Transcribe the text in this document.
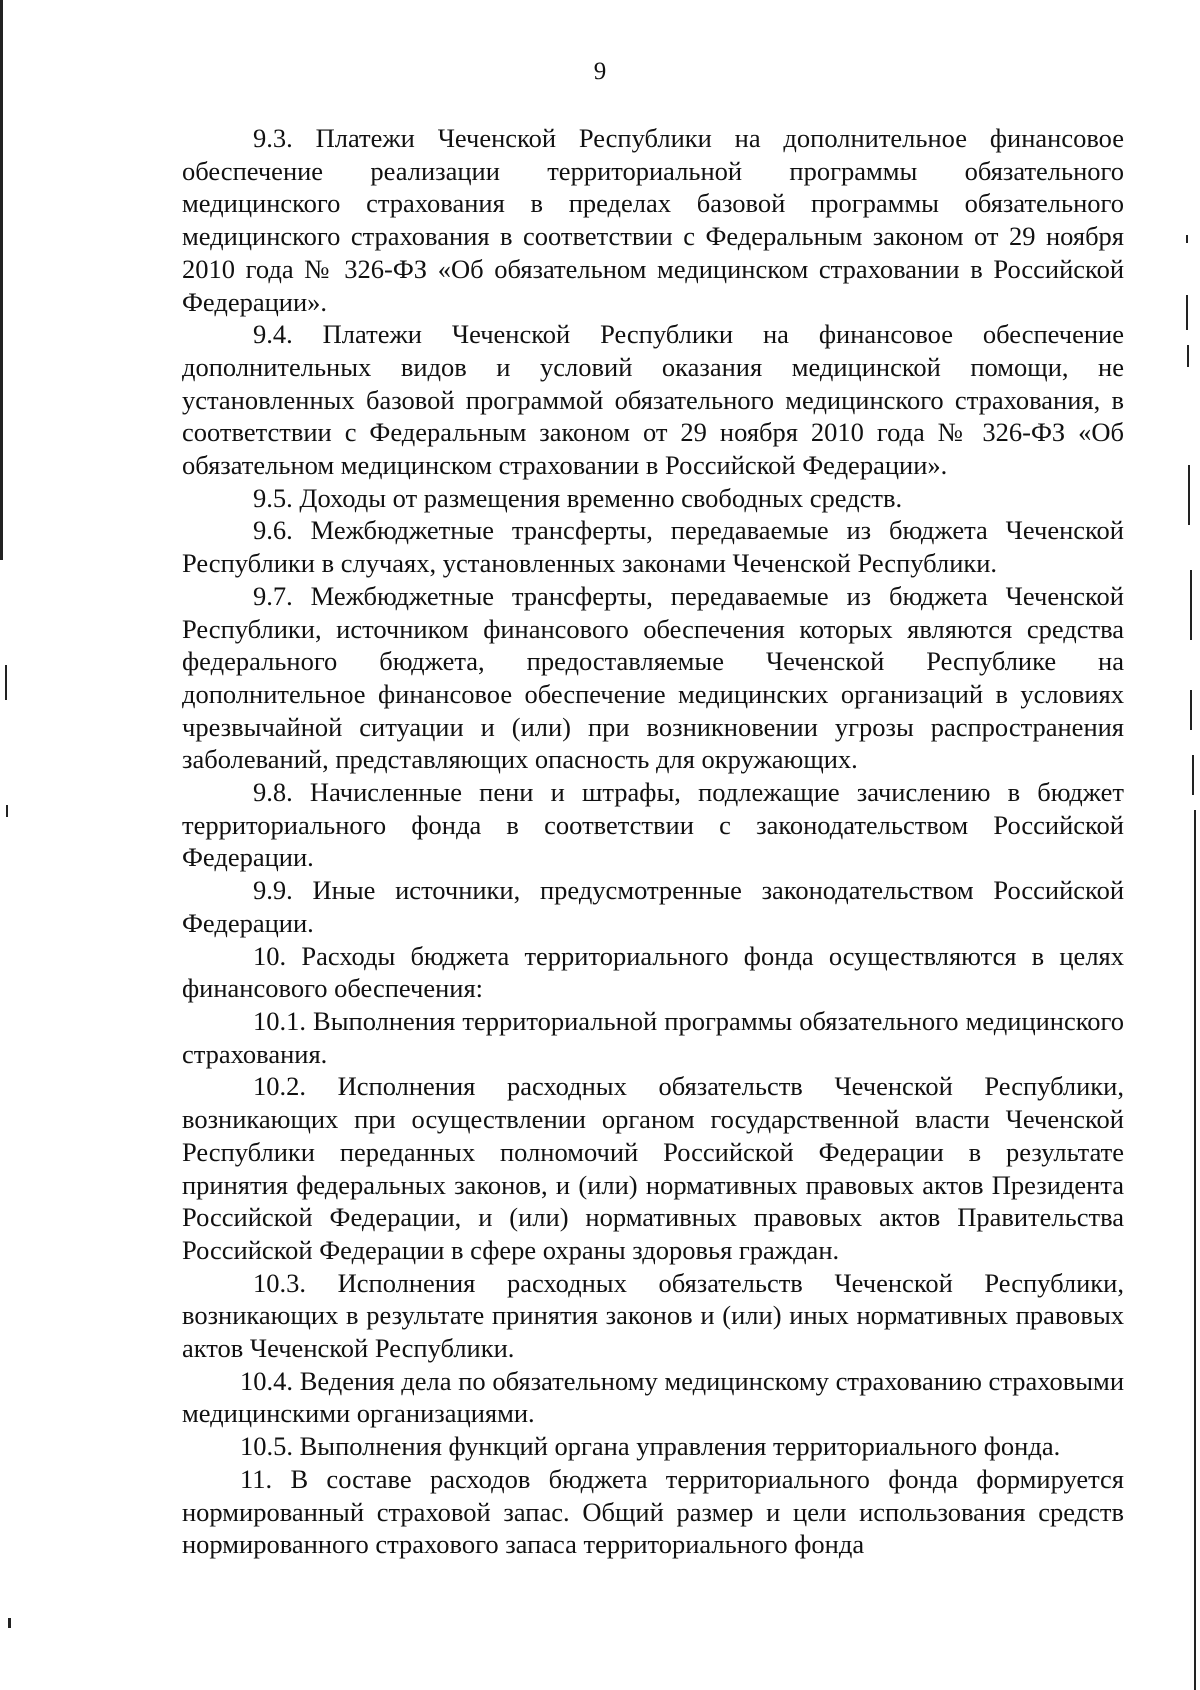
9

9.3. Платежи Чеченской Республики на дополнительное финансовое обеспечение реализации территориальной программы обязательного медицинского страхования в пределах базовой программы обязательного медицинского страхования в соответствии с Федеральным законом от 29 ноября 2010 года № 326-ФЗ «Об обязательном медицинском страховании в Российской Федерации».

9.4. Платежи Чеченской Республики на финансовое обеспечение дополнительных видов и условий оказания медицинской помощи, не установленных базовой программой обязательного медицинского страхования, в соответствии с Федеральным законом от 29 ноября 2010 года № 326-ФЗ «Об обязательном медицинском страховании в Российской Федерации».

9.5. Доходы от размещения временно свободных средств.

9.6. Межбюджетные трансферты, передаваемые из бюджета Чеченской Республики в случаях, установленных законами Чеченской Республики.

9.7. Межбюджетные трансферты, передаваемые из бюджета Чеченской Республики, источником финансового обеспечения которых являются средства федерального бюджета, предоставляемые Чеченской Республике на дополнительное финансовое обеспечение медицинских организаций в условиях чрезвычайной ситуации и (или) при возникновении угрозы распространения заболеваний, представляющих опасность для окружающих.

9.8. Начисленные пени и штрафы, подлежащие зачислению в бюджет территориального фонда в соответствии с законодательством Российской Федерации.

9.9. Иные источники, предусмотренные законодательством Российской Федерации.

10. Расходы бюджета территориального фонда осуществляются в целях финансового обеспечения:

10.1. Выполнения территориальной программы обязательного медицинского страхования.

10.2. Исполнения расходных обязательств Чеченской Республики, возникающих при осуществлении органом государственной власти Чеченской Республики переданных полномочий Российской Федерации в результате принятия федеральных законов, и (или) нормативных правовых актов Президента Российской Федерации, и (или) нормативных правовых актов Правительства Российской Федерации в сфере охраны здоровья граждан.

10.3. Исполнения расходных обязательств Чеченской Республики, возникающих в результате принятия законов и (или) иных нормативных правовых актов Чеченской Республики.

10.4. Ведения дела по обязательному медицинскому страхованию страховыми медицинскими организациями.

10.5. Выполнения функций органа управления территориального фонда.

11. В составе расходов бюджета территориального фонда формируется нормированный страховой запас. Общий размер и цели использования средств нормированного страхового запаса территориального фонда
